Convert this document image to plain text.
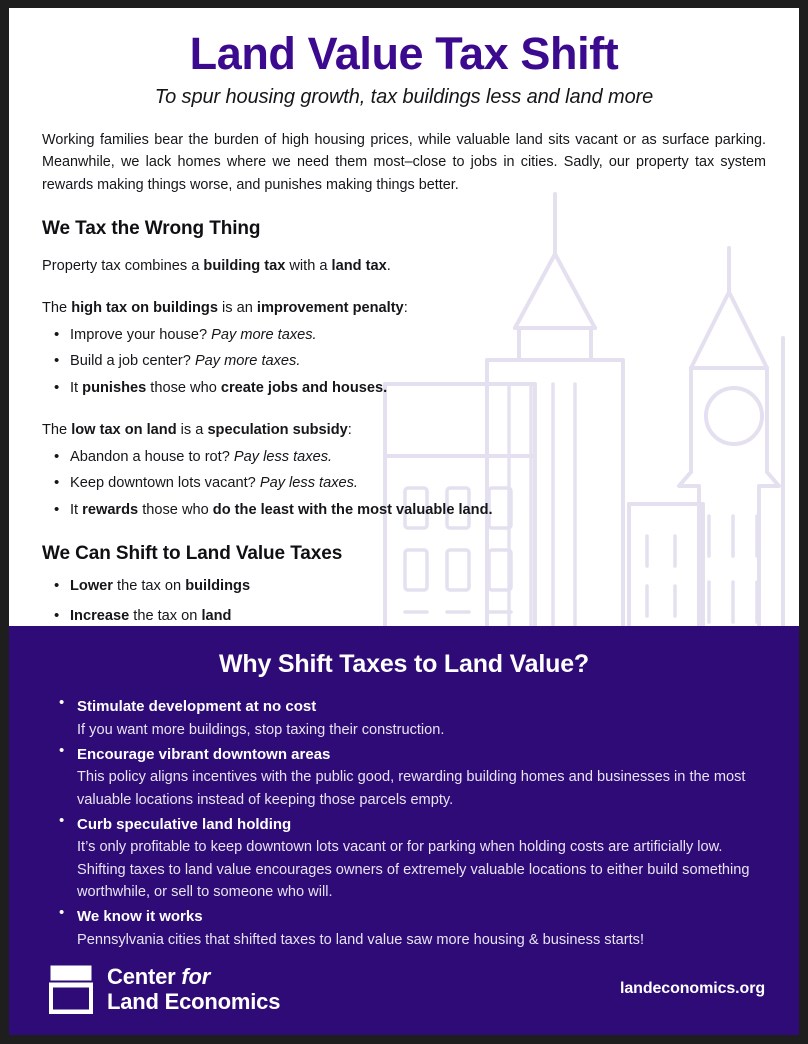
Land Value Tax Shift
To spur housing growth, tax buildings less and land more

Working families bear the burden of high housing prices, while valuable land sits vacant or as surface parking. Meanwhile, we lack homes where we need them most–close to jobs in cities. Sadly, our property tax system rewards making things worse, and punishes making things better.

We Tax the Wrong Thing

Property tax combines a building tax with a land tax.

The high tax on buildings is an improvement penalty:

• Improve your house? Pay more taxes.
• Build a job center? Pay more taxes.
• It punishes those who create jobs and houses.

The low tax on land is a speculation subsidy:

• Abandon a house to rot? Pay less taxes.
• Keep downtown lots vacant? Pay less taxes.
• It rewards those who do the least with the most valuable land.
We Can Shift to Land Value Taxes
• Lower the tax on buildings
• Increase the tax on land
•
Why Shift Taxes to Land Value?
• Stimulate development at no cost
If you want more buildings, stop taxing their construction.
• Encourage vibrant downtown areas
This policy aligns incentives with the public good, rewarding building homes and businesses in the most valuable locations instead of keeping those parcels empty.
• Curb speculative land holding
It’s only profitable to keep downtown lots vacant or for parking when holding costs are artificially low. Shifting taxes to land value encourages owners of extremely valuable locations to either build something worthwhile, or sell to someone who will.
• We know it works
Pennsylvania cities that shifted taxes to land value saw more housing & business starts!
Center for
Land Economics
landeconomics.org
